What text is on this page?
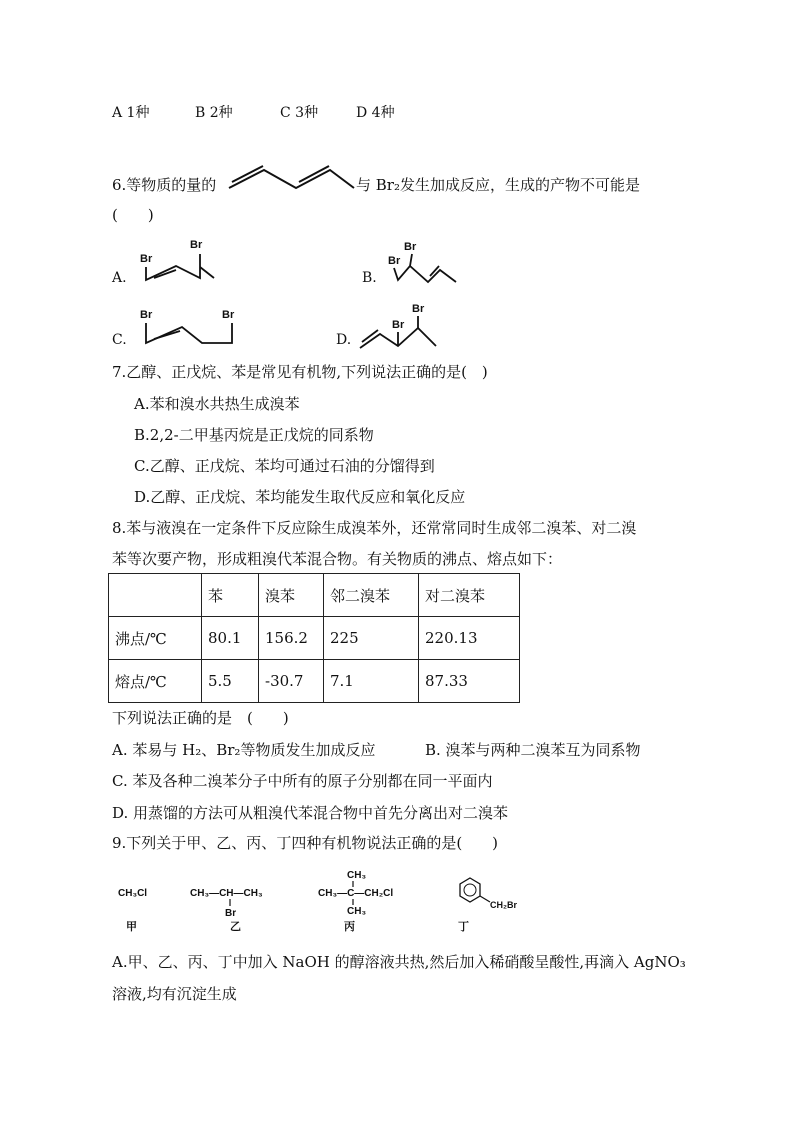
A 1种	B 2种	C 3种	D 4种
6.等物质的量的	与 Br₂发生加成反应，生成的产物不可能是
(　　)
A.
Br
Br
B.
Br
Br
C.
Br	Br
D.
Br
Br
7.乙醇、正戊烷、苯是常见有机物,下列说法正确的是(　)
A.苯和溴水共热生成溴苯
B.2,2-二甲基丙烷是正戊烷的同系物
C.乙醇、正戊烷、苯均可通过石油的分馏得到
D.乙醇、正戊烷、苯均能发生取代反应和氧化反应
8.苯与液溴在一定条件下反应除生成溴苯外，还常常同时生成邻二溴苯、对二溴
苯等次要产物，形成粗溴代苯混合物。有关物质的沸点、熔点如下：
	苯	溴苯	邻二溴苯	对二溴苯
沸点/℃	80.1	156.2	225	220.13
熔点/℃	5.5	-30.7	7.1	87.33
下列说法正确的是　(　　)
A. 苯易与 H₂、Br₂等物质发生加成反应	B. 溴苯与两种二溴苯互为同系物
C. 苯及各种二溴苯分子中所有的原子分别都在同一平面内
D. 用蒸馏的方法可从粗溴代苯混合物中首先分离出对二溴苯
9.下列关于甲、乙、丙、丁四种有机物说法正确的是(　　)
CH₃Cl
甲
CH₃—CH—CH₃
Br
乙
CH₃
CH₃—C—CH₂Cl
CH₃
丙
CH₂Br
丁
A.甲、乙、丙、丁中加入 NaOH 的醇溶液共热,然后加入稀硝酸呈酸性,再滴入 AgNO₃
溶液,均有沉淀生成
